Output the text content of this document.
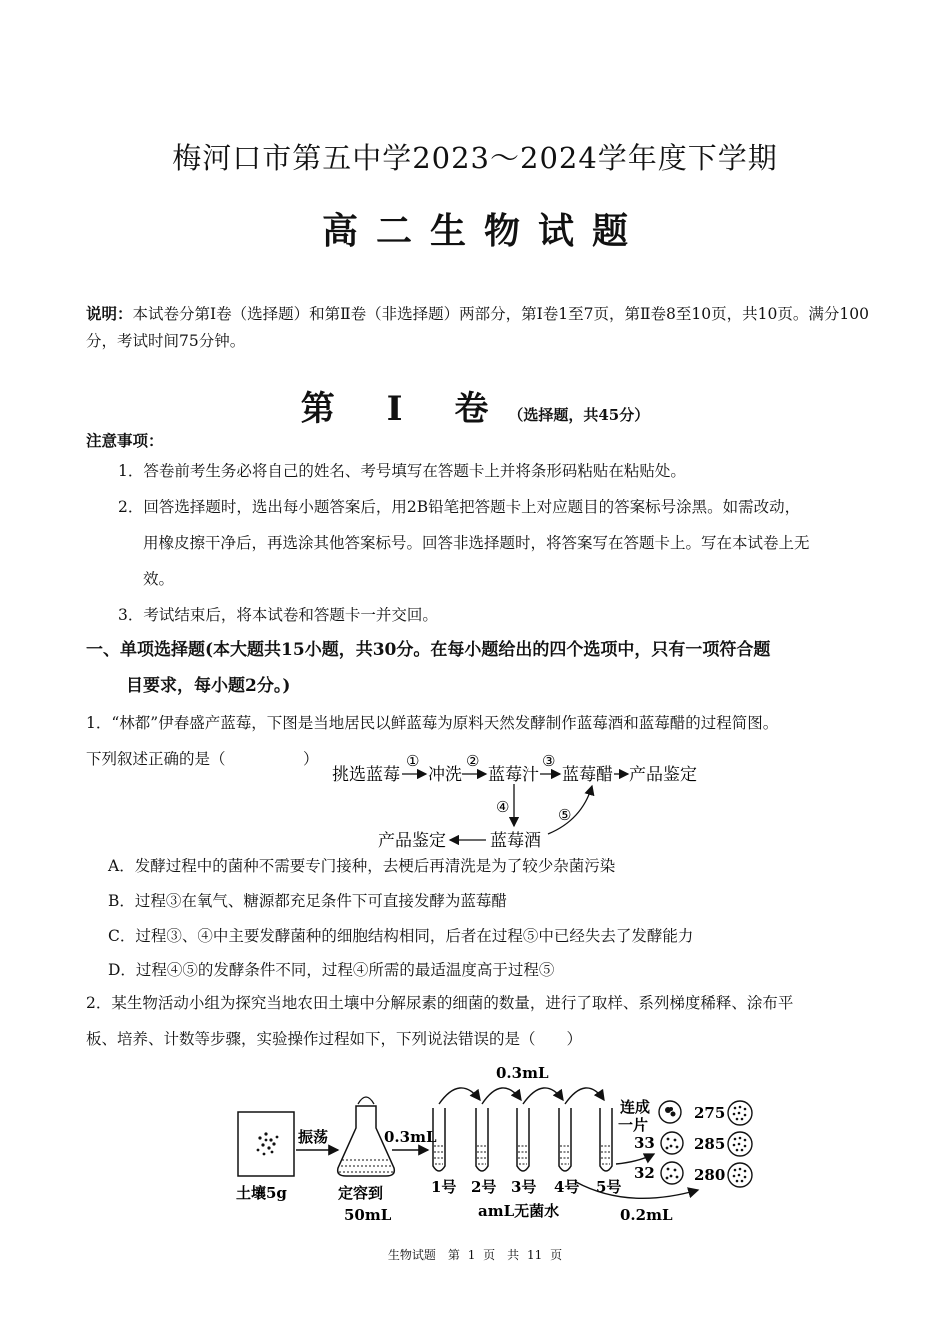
梅河口市第五中学2023～2024学年度下学期
高二生物试题
说明：本试卷分第Ⅰ卷（选择题）和第Ⅱ卷（非选择题）两部分，第Ⅰ卷1至7页，第Ⅱ卷8至10页，共10页。满分100分，考试时间75分钟。
第 Ⅰ 卷（选择题，共45分）
注意事项：
1．答卷前考生务必将自己的姓名、考号填写在答题卡上并将条形码粘贴在粘贴处。
2．回答选择题时，选出每小题答案后，用2B铅笔把答题卡上对应题目的答案标号涂黑。如需改动，
用橡皮擦干净后，再选涂其他答案标号。回答非选择题时，将答案写在答题卡上。写在本试卷上无
效。
3．考试结束后，将本试卷和答题卡一并交回。
一、单项选择题(本大题共15小题，共30分。在每小题给出的四个选项中，只有一项符合题
目要求，每小题2分。)
1．“林都”伊春盛产蓝莓，下图是当地居民以鲜蓝莓为原料天然发酵制作蓝莓酒和蓝莓醋的过程简图。
下列叙述正确的是（　　　　　）
挑选蓝莓
①
冲洗
②
蓝莓汁
③
蓝莓醋 产品鉴定
④
蓝莓酒
⑤
产品鉴定
A．发酵过程中的菌种不需要专门接种，去梗后再清洗是为了较少杂菌污染
B．过程③在氧气、糖源都充足条件下可直接发酵为蓝莓醋
C．过程③、④中主要发酵菌种的细胞结构相同，后者在过程⑤中已经失去了发酵能力
D．过程④⑤的发酵条件不同，过程④所需的最适温度高于过程⑤
2．某生物活动小组为探究当地农田土壤中分解尿素的细菌的数量，进行了取样、系列梯度稀释、涂布平
板、培养、计数等步骤，实验操作过程如下，下列说法错误的是（　　）
土壤5g
振荡
定容到
50mL
0.3mL
0.3mL
1号 2号 3号 4号 5号
amL无菌水	0.2mL
连成
一片
33
32
275
285
280
生物试题　第 1 页　共 11 页
